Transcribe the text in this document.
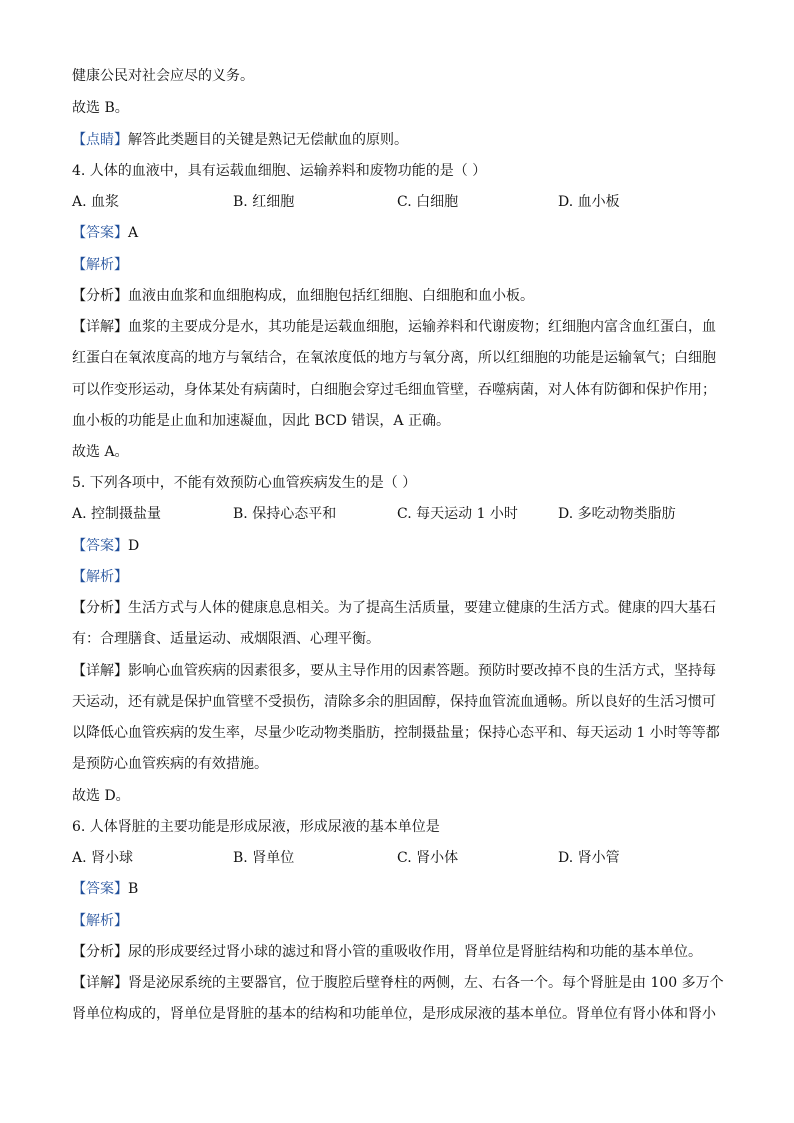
健康公民对社会应尽的义务。
故选 B。
【点睛】解答此类题目的关键是熟记无偿献血的原则。
4. 人体的血液中，具有运载血细胞、运输养料和废物功能的是（ ）
A. 血浆	B. 红细胞	C. 白细胞	D. 血小板
【答案】A
【解析】
【分析】血液由血浆和血细胞构成，血细胞包括红细胞、白细胞和血小板。
【详解】血浆的主要成分是水，其功能是运载血细胞，运输养料和代谢废物；红细胞内富含血红蛋白，血
红蛋白在氧浓度高的地方与氧结合，在氧浓度低的地方与氧分离，所以红细胞的功能是运输氧气；白细胞
可以作变形运动，身体某处有病菌时，白细胞会穿过毛细血管壁，吞噬病菌，对人体有防御和保护作用；
血小板的功能是止血和加速凝血，因此 BCD 错误，A 正确。
故选 A。
5. 下列各项中，不能有效预防心血管疾病发生的是（ ）
A. 控制摄盐量	B. 保持心态平和	C. 每天运动 1 小时	D. 多吃动物类脂肪
【答案】D
【解析】
【分析】生活方式与人体的健康息息相关。为了提高生活质量，要建立健康的生活方式。健康的四大基石
有：合理膳食、适量运动、戒烟限酒、心理平衡。
【详解】影响心血管疾病的因素很多，要从主导作用的因素答题。预防时要改掉不良的生活方式，坚持每
天运动，还有就是保护血管壁不受损伤，清除多余的胆固醇，保持血管流血通畅。所以良好的生活习惯可
以降低心血管疾病的发生率，尽量少吃动物类脂肪，控制摄盐量；保持心态平和、每天运动 1 小时等等都
是预防心血管疾病的有效措施。
故选 D。
6. 人体肾脏的主要功能是形成尿液，形成尿液的基本单位是
A. 肾小球	B. 肾单位	C. 肾小体	D. 肾小管
【答案】B
【解析】
【分析】尿的形成要经过肾小球的滤过和肾小管的重吸收作用，肾单位是肾脏结构和功能的基本单位。
【详解】肾是泌尿系统的主要器官，位于腹腔后壁脊柱的两侧，左、右各一个。每个肾脏是由 100 多万个
肾单位构成的，肾单位是肾脏的基本的结构和功能单位，是形成尿液的基本单位。肾单位有肾小体和肾小
